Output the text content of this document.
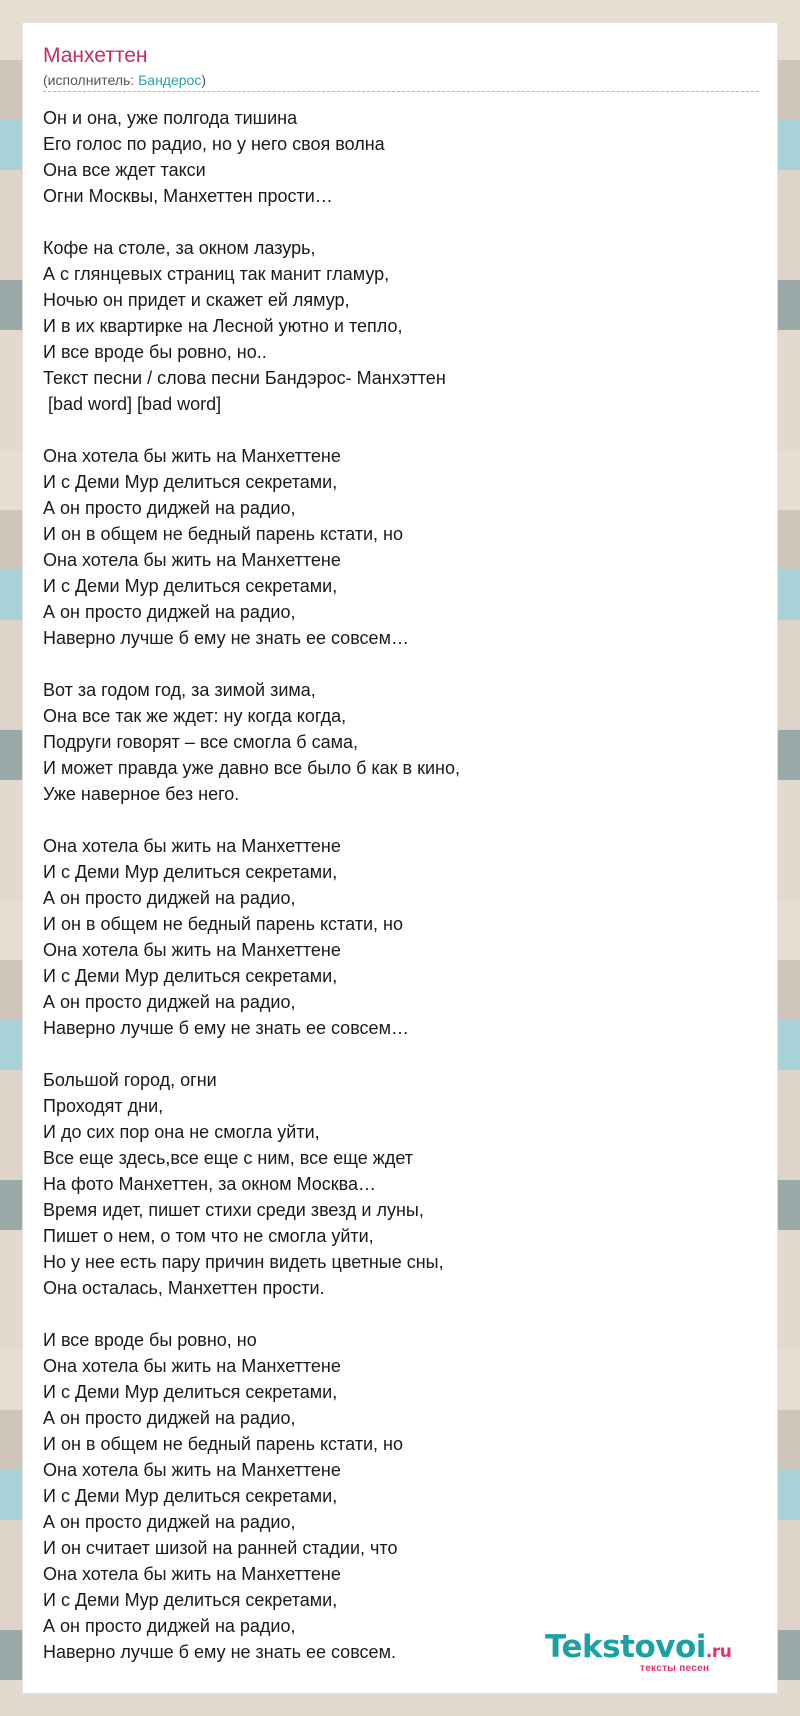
Манхеттен
(исполнитель: Бандерос)
Он и она, уже полгода тишина
Его голос по радио, но у него своя волна
Она все ждет такси
Огни Москвы, Манхеттен прости…
Кофе на столе, за окном лазурь,
А с глянцевых страниц так манит гламур,
Ночью он придет и скажет ей лямур,
И в их квартирке на Лесной уютно и тепло,
И все вроде бы ровно, но..
Текст песни / слова песни Бандэрос- Манхэттен
[bad word] [bad word]
Она хотела бы жить на Манхеттене
И с Деми Мур делиться секретами,
А он просто диджей на радио,
И он в общем не бедный парень кстати, но
Она хотела бы жить на Манхеттене
И с Деми Мур делиться секретами,
А он просто диджей на радио,
Наверно лучше б ему не знать ее совсем…
Вот за годом год, за зимой зима,
Она все так же ждет: ну когда когда,
Подруги говорят – все смогла б сама,
И может правда уже давно все было б как в кино,
Уже наверное без него.
Она хотела бы жить на Манхеттене
И с Деми Мур делиться секретами,
А он просто диджей на радио,
И он в общем не бедный парень кстати, но
Она хотела бы жить на Манхеттене
И с Деми Мур делиться секретами,
А он просто диджей на радио,
Наверно лучше б ему не знать ее совсем…
Большой город, огни
Проходят дни,
И до сих пор она не смогла уйти,
Все еще здесь,все еще с ним, все еще ждет
На фото Манхеттен, за окном Москва…
Время идет, пишет стихи среди звезд и луны,
Пишет о нем, о том что не смогла уйти,
Но у нее есть пару причин видеть цветные сны,
Она осталась, Манхеттен прости.
И все вроде бы ровно, но
Она хотела бы жить на Манхеттене
И с Деми Мур делиться секретами,
А он просто диджей на радио,
И он в общем не бедный парень кстати, но
Она хотела бы жить на Манхеттене
И с Деми Мур делиться секретами,
А он просто диджей на радио,
И он считает шизой на ранней стадии, что
Она хотела бы жить на Манхеттене
И с Деми Мур делиться секретами,
А он просто диджей на радио,
Наверно лучше б ему не знать ее совсем.	Tekstovoi.ru
тексты песен
